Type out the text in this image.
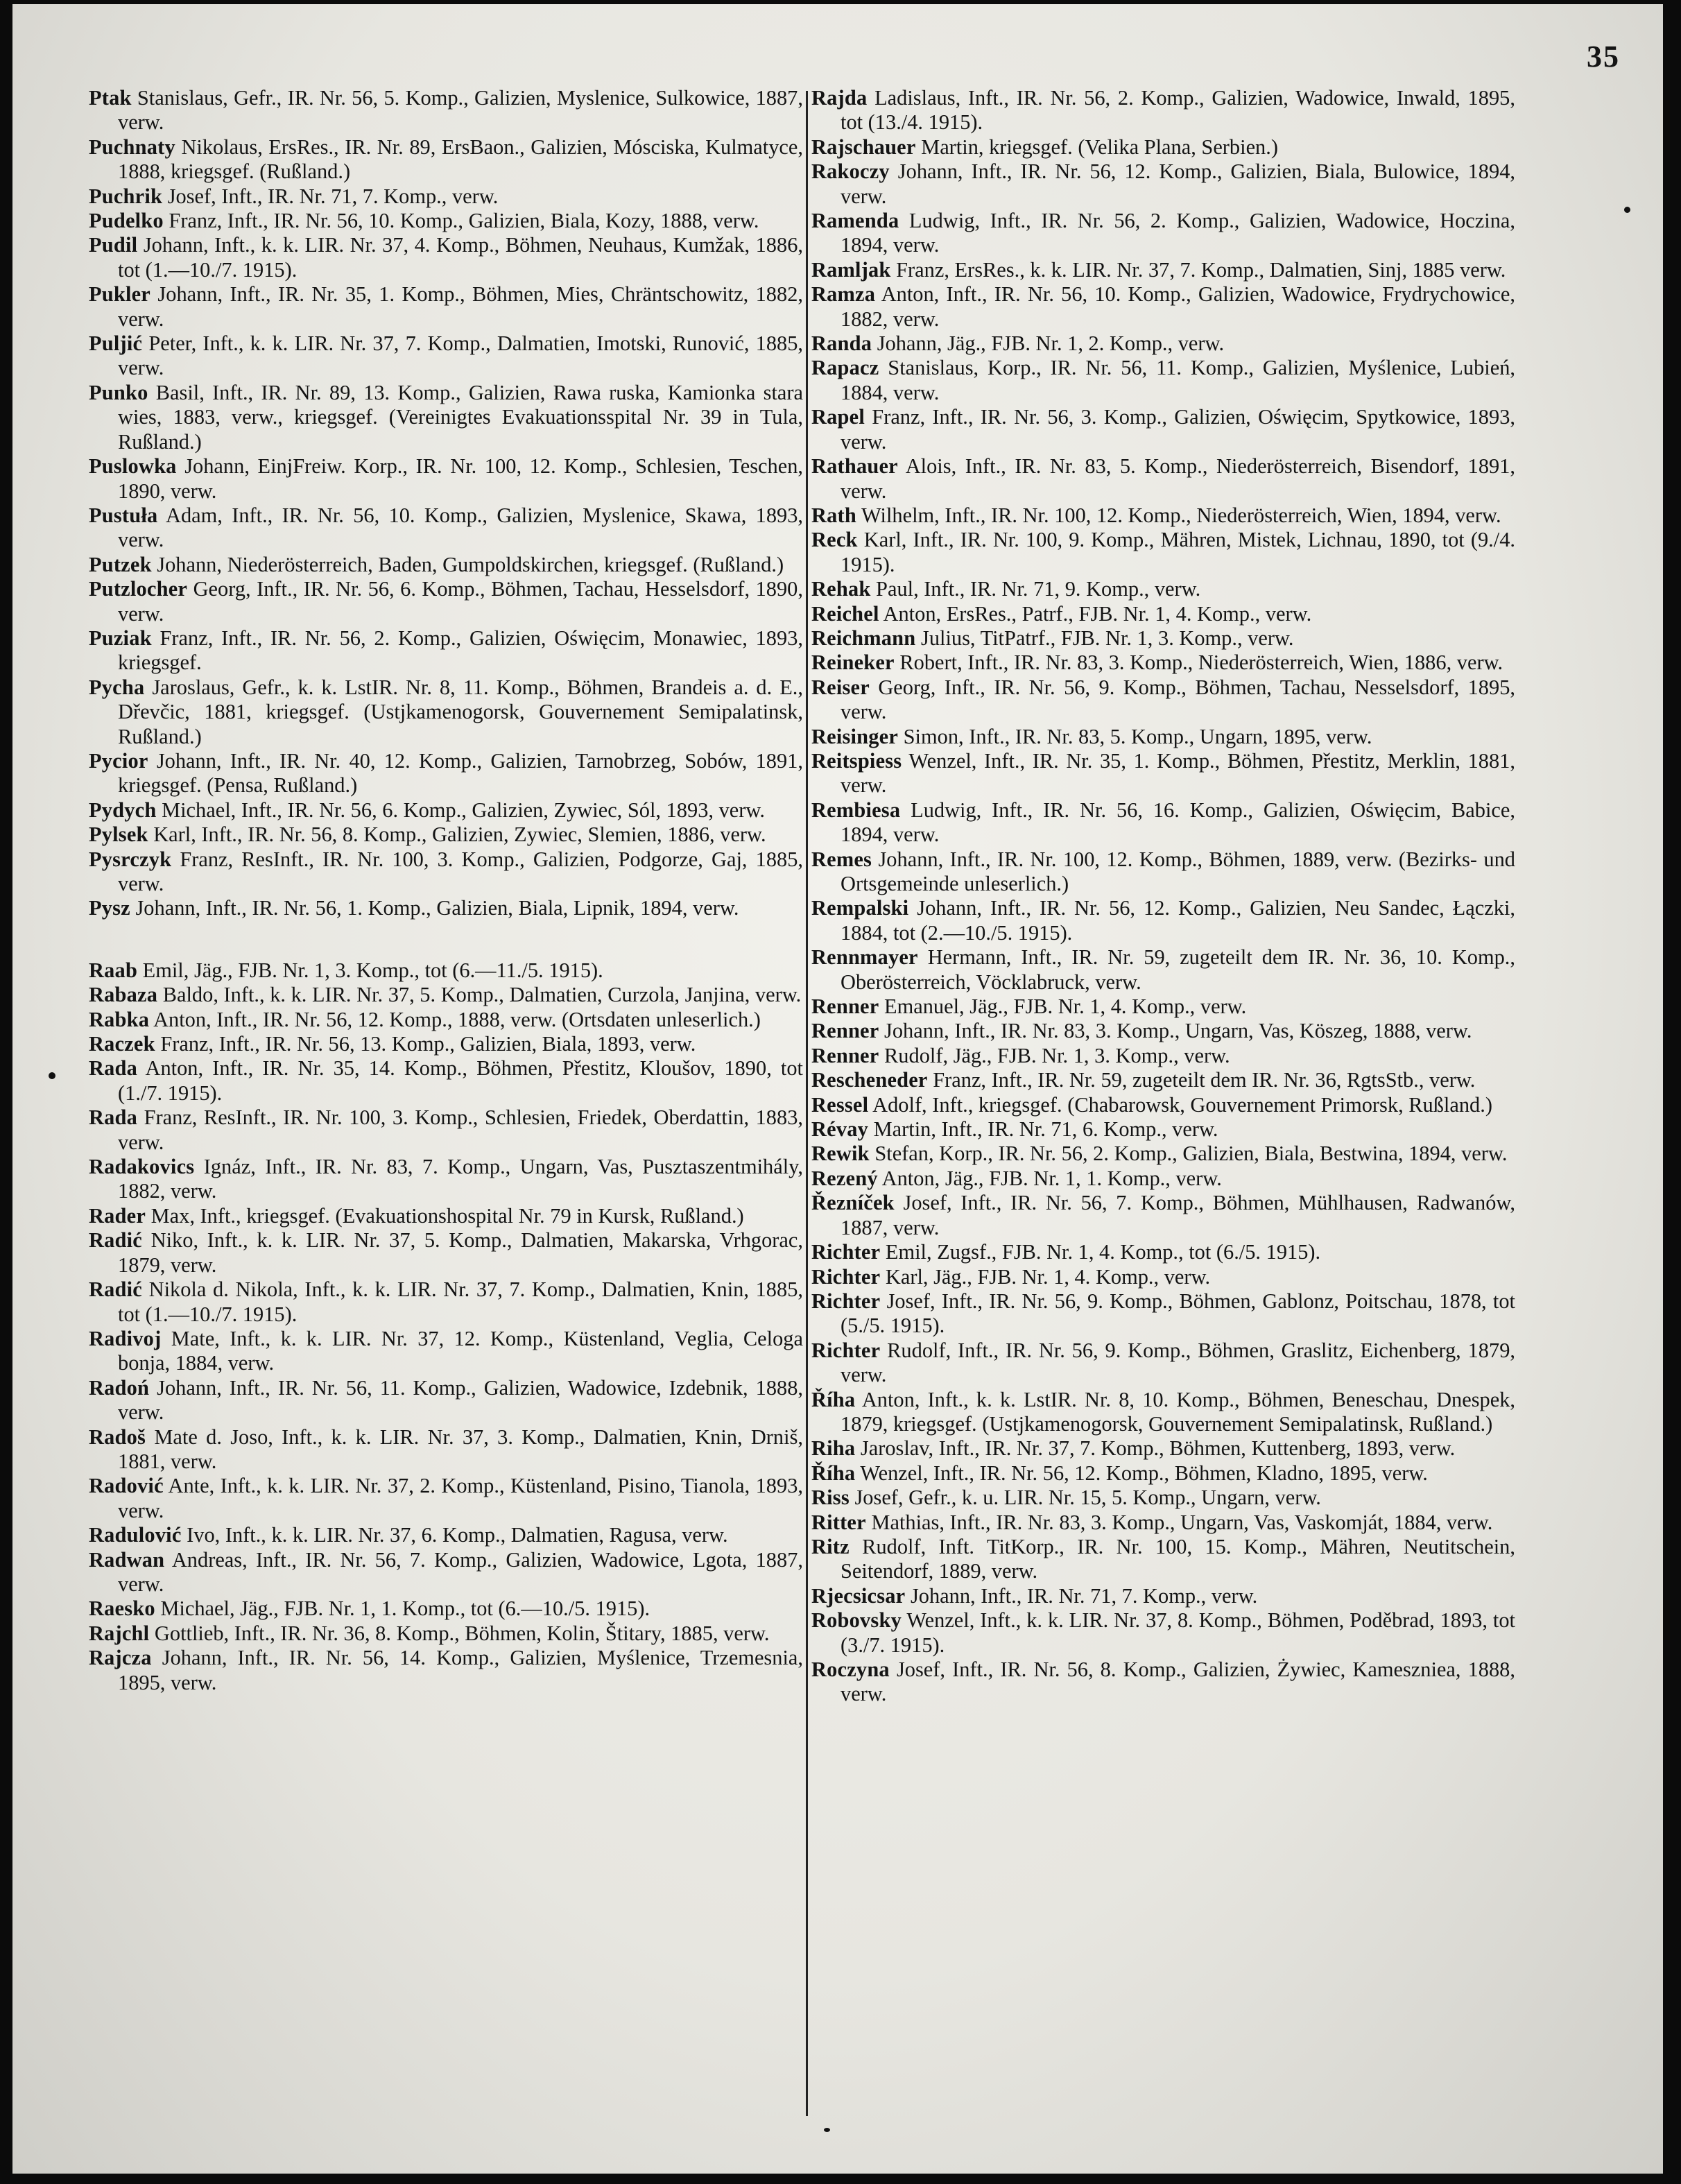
35

Ptak Stanislaus, Gefr., IR. Nr. 56, 5. Komp., Galizien, Myslenice, Sulkowice, 1887, verw.

Puchnaty Nikolaus, ErsRes., IR. Nr. 89, ErsBaon., Galizien, Mósciska, Kulmatyce, 1888, kriegsgef. (Rußland.)

Puchrik Josef, Inft., IR. Nr. 71, 7. Komp., verw.

Pudelko Franz, Inft., IR. Nr. 56, 10. Komp., Galizien, Biala, Kozy, 1888, verw.

Pudil Johann, Inft., k. k. LIR. Nr. 37, 4. Komp., Böhmen, Neuhaus, Kumžak, 1886, tot (1.—10./7. 1915).

Pukler Johann, Inft., IR. Nr. 35, 1. Komp., Böhmen, Mies, Chräntschowitz, 1882, verw.

Puljić Peter, Inft., k. k. LIR. Nr. 37, 7. Komp., Dalmatien, Imotski, Runović, 1885, verw.

Punko Basil, Inft., IR. Nr. 89, 13. Komp., Galizien, Rawa ruska, Kamionka stara wies, 1883, verw., kriegsgef. (Vereinigtes Evakuationsspital Nr. 39 in Tula, Rußland.)

Puslowka Johann, EinjFreiw. Korp., IR. Nr. 100, 12. Komp., Schlesien, Teschen, 1890, verw.

Pustuła Adam, Inft., IR. Nr. 56, 10. Komp., Galizien, Myslenice, Skawa, 1893, verw.

Putzek Johann, Niederösterreich, Baden, Gumpoldskirchen, kriegsgef. (Rußland.)

Putzlocher Georg, Inft., IR. Nr. 56, 6. Komp., Böhmen, Tachau, Hesselsdorf, 1890, verw.

Puziak Franz, Inft., IR. Nr. 56, 2. Komp., Galizien, Oświęcim, Monawiec, 1893, kriegsgef.

Pycha Jaroslaus, Gefr., k. k. LstIR. Nr. 8, 11. Komp., Böhmen, Brandeis a. d. E., Dřevčic, 1881, kriegsgef. (Ustjkamenogorsk, Gouvernement Semipalatinsk, Rußland.)

Pycior Johann, Inft., IR. Nr. 40, 12. Komp., Galizien, Tarnobrzeg, Sobów, 1891, kriegsgef. (Pensa, Rußland.)

Pydych Michael, Inft., IR. Nr. 56, 6. Komp., Galizien, Zywiec, Sól, 1893, verw.

Pylsek Karl, Inft., IR. Nr. 56, 8. Komp., Galizien, Zywiec, Slemien, 1886, verw.

Pysrczyk Franz, ResInft., IR. Nr. 100, 3. Komp., Galizien, Podgorze, Gaj, 1885, verw.

Pysz Johann, Inft., IR. Nr. 56, 1. Komp., Galizien, Biala, Lipnik, 1894, verw.

Raab Emil, Jäg., FJB. Nr. 1, 3. Komp., tot (6.—11./5. 1915).

Rabaza Baldo, Inft., k. k. LIR. Nr. 37, 5. Komp., Dalmatien, Curzola, Janjina, verw.

Rabka Anton, Inft., IR. Nr. 56, 12. Komp., 1888, verw. (Ortsdaten unleserlich.)

Raczek Franz, Inft., IR. Nr. 56, 13. Komp., Galizien, Biala, 1893, verw.

Rada Anton, Inft., IR. Nr. 35, 14. Komp., Böhmen, Přestitz, Kloušov, 1890, tot (1./7. 1915).

Rada Franz, ResInft., IR. Nr. 100, 3. Komp., Schlesien, Friedek, Oberdattin, 1883, verw.

Radakovics Ignáz, Inft., IR. Nr. 83, 7. Komp., Ungarn, Vas, Pusztaszentmihály, 1882, verw.

Rader Max, Inft., kriegsgef. (Evakuationshospital Nr. 79 in Kursk, Rußland.)

Radić Niko, Inft., k. k. LIR. Nr. 37, 5. Komp., Dalmatien, Makarska, Vrhgorac, 1879, verw.

Radić Nikola d. Nikola, Inft., k. k. LIR. Nr. 37, 7. Komp., Dalmatien, Knin, 1885, tot (1.—10./7. 1915).

Radivoj Mate, Inft., k. k. LIR. Nr. 37, 12. Komp., Küstenland, Veglia, Celoga bonja, 1884, verw.

Radoń Johann, Inft., IR. Nr. 56, 11. Komp., Galizien, Wadowice, Izdebnik, 1888, verw.

Radoš Mate d. Joso, Inft., k. k. LIR. Nr. 37, 3. Komp., Dalmatien, Knin, Drniš, 1881, verw.

Radović Ante, Inft., k. k. LIR. Nr. 37, 2. Komp., Küstenland, Pisino, Tianola, 1893, verw.

Radulović Ivo, Inft., k. k. LIR. Nr. 37, 6. Komp., Dalmatien, Ragusa, verw.

Radwan Andreas, Inft., IR. Nr. 56, 7. Komp., Galizien, Wadowice, Lgota, 1887, verw.

Raesko Michael, Jäg., FJB. Nr. 1, 1. Komp., tot (6.—10./5. 1915).

Rajchl Gottlieb, Inft., IR. Nr. 36, 8. Komp., Böhmen, Kolin, Štitary, 1885, verw.

Rajcza Johann, Inft., IR. Nr. 56, 14. Komp., Galizien, Myślenice, Trzemesnia, 1895, verw.

Rajda Ladislaus, Inft., IR. Nr. 56, 2. Komp., Galizien, Wadowice, Inwald, 1895, tot (13./4. 1915).

Rajschauer Martin, kriegsgef. (Velika Plana, Serbien.)

Rakoczy Johann, Inft., IR. Nr. 56, 12. Komp., Galizien, Biala, Bulowice, 1894, verw.

Ramenda Ludwig, Inft., IR. Nr. 56, 2. Komp., Galizien, Wadowice, Hoczina, 1894, verw.

Ramljak Franz, ErsRes., k. k. LIR. Nr. 37, 7. Komp., Dalmatien, Sinj, 1885 verw.

Ramza Anton, Inft., IR. Nr. 56, 10. Komp., Galizien, Wadowice, Frydrychowice, 1882, verw.

Randa Johann, Jäg., FJB. Nr. 1, 2. Komp., verw.

Rapacz Stanislaus, Korp., IR. Nr. 56, 11. Komp., Galizien, Myślenice, Lubień, 1884, verw.

Rapel Franz, Inft., IR. Nr. 56, 3. Komp., Galizien, Oświęcim, Spytkowice, 1893, verw.

Rathauer Alois, Inft., IR. Nr. 83, 5. Komp., Niederösterreich, Bisendorf, 1891, verw.

Rath Wilhelm, Inft., IR. Nr. 100, 12. Komp., Niederösterreich, Wien, 1894, verw.

Reck Karl, Inft., IR. Nr. 100, 9. Komp., Mähren, Mistek, Lichnau, 1890, tot (9./4. 1915).

Rehak Paul, Inft., IR. Nr. 71, 9. Komp., verw.

Reichel Anton, ErsRes., Patrf., FJB. Nr. 1, 4. Komp., verw.

Reichmann Julius, TitPatrf., FJB. Nr. 1, 3. Komp., verw.

Reineker Robert, Inft., IR. Nr. 83, 3. Komp., Niederösterreich, Wien, 1886, verw.

Reiser Georg, Inft., IR. Nr. 56, 9. Komp., Böhmen, Tachau, Nesselsdorf, 1895, verw.

Reisinger Simon, Inft., IR. Nr. 83, 5. Komp., Ungarn, 1895, verw.

Reitspiess Wenzel, Inft., IR. Nr. 35, 1. Komp., Böhmen, Přestitz, Merklin, 1881, verw.

Rembiesa Ludwig, Inft., IR. Nr. 56, 16. Komp., Galizien, Oświęcim, Babice, 1894, verw.

Remes Johann, Inft., IR. Nr. 100, 12. Komp., Böhmen, 1889, verw. (Bezirks- und Ortsgemeinde unleserlich.)

Rempalski Johann, Inft., IR. Nr. 56, 12. Komp., Galizien, Neu Sandec, Łączki, 1884, tot (2.—10./5. 1915).

Rennmayer Hermann, Inft., IR. Nr. 59, zugeteilt dem IR. Nr. 36, 10. Komp., Oberösterreich, Vöcklabruck, verw.

Renner Emanuel, Jäg., FJB. Nr. 1, 4. Komp., verw.

Renner Johann, Inft., IR. Nr. 83, 3. Komp., Ungarn, Vas, Köszeg, 1888, verw.

Renner Rudolf, Jäg., FJB. Nr. 1, 3. Komp., verw.

Rescheneder Franz, Inft., IR. Nr. 59, zugeteilt dem IR. Nr. 36, RgtsStb., verw.

Ressel Adolf, Inft., kriegsgef. (Chabarowsk, Gouvernement Primorsk, Rußland.)

Révay Martin, Inft., IR. Nr. 71, 6. Komp., verw.

Rewik Stefan, Korp., IR. Nr. 56, 2. Komp., Galizien, Biala, Bestwina, 1894, verw.

Rezený Anton, Jäg., FJB. Nr. 1, 1. Komp., verw.

Řezníček Josef, Inft., IR. Nr. 56, 7. Komp., Böhmen, Mühlhausen, Radwanów, 1887, verw.

Richter Emil, Zugsf., FJB. Nr. 1, 4. Komp., tot (6./5. 1915).

Richter Karl, Jäg., FJB. Nr. 1, 4. Komp., verw.

Richter Josef, Inft., IR. Nr. 56, 9. Komp., Böhmen, Gablonz, Poitschau, 1878, tot (5./5. 1915).

Richter Rudolf, Inft., IR. Nr. 56, 9. Komp., Böhmen, Graslitz, Eichenberg, 1879, verw.

Říha Anton, Inft., k. k. LstIR. Nr. 8, 10. Komp., Böhmen, Beneschau, Dnespek, 1879, kriegsgef. (Ustjkamenogorsk, Gouvernement Semipalatinsk, Rußland.)

Riha Jaroslav, Inft., IR. Nr. 37, 7. Komp., Böhmen, Kuttenberg, 1893, verw.

Říha Wenzel, Inft., IR. Nr. 56, 12. Komp., Böhmen, Kladno, 1895, verw.

Riss Josef, Gefr., k. u. LIR. Nr. 15, 5. Komp., Ungarn, verw.

Ritter Mathias, Inft., IR. Nr. 83, 3. Komp., Ungarn, Vas, Vaskomját, 1884, verw.

Ritz Rudolf, Inft. TitKorp., IR. Nr. 100, 15. Komp., Mähren, Neutitschein, Seitendorf, 1889, verw.

Rjecsicsar Johann, Inft., IR. Nr. 71, 7. Komp., verw.

Robovsky Wenzel, Inft., k. k. LIR. Nr. 37, 8. Komp., Böhmen, Poděbrad, 1893, tot (3./7. 1915).

Roczyna Josef, Inft., IR. Nr. 56, 8. Komp., Galizien, Żywiec, Kameszniea, 1888, verw.
